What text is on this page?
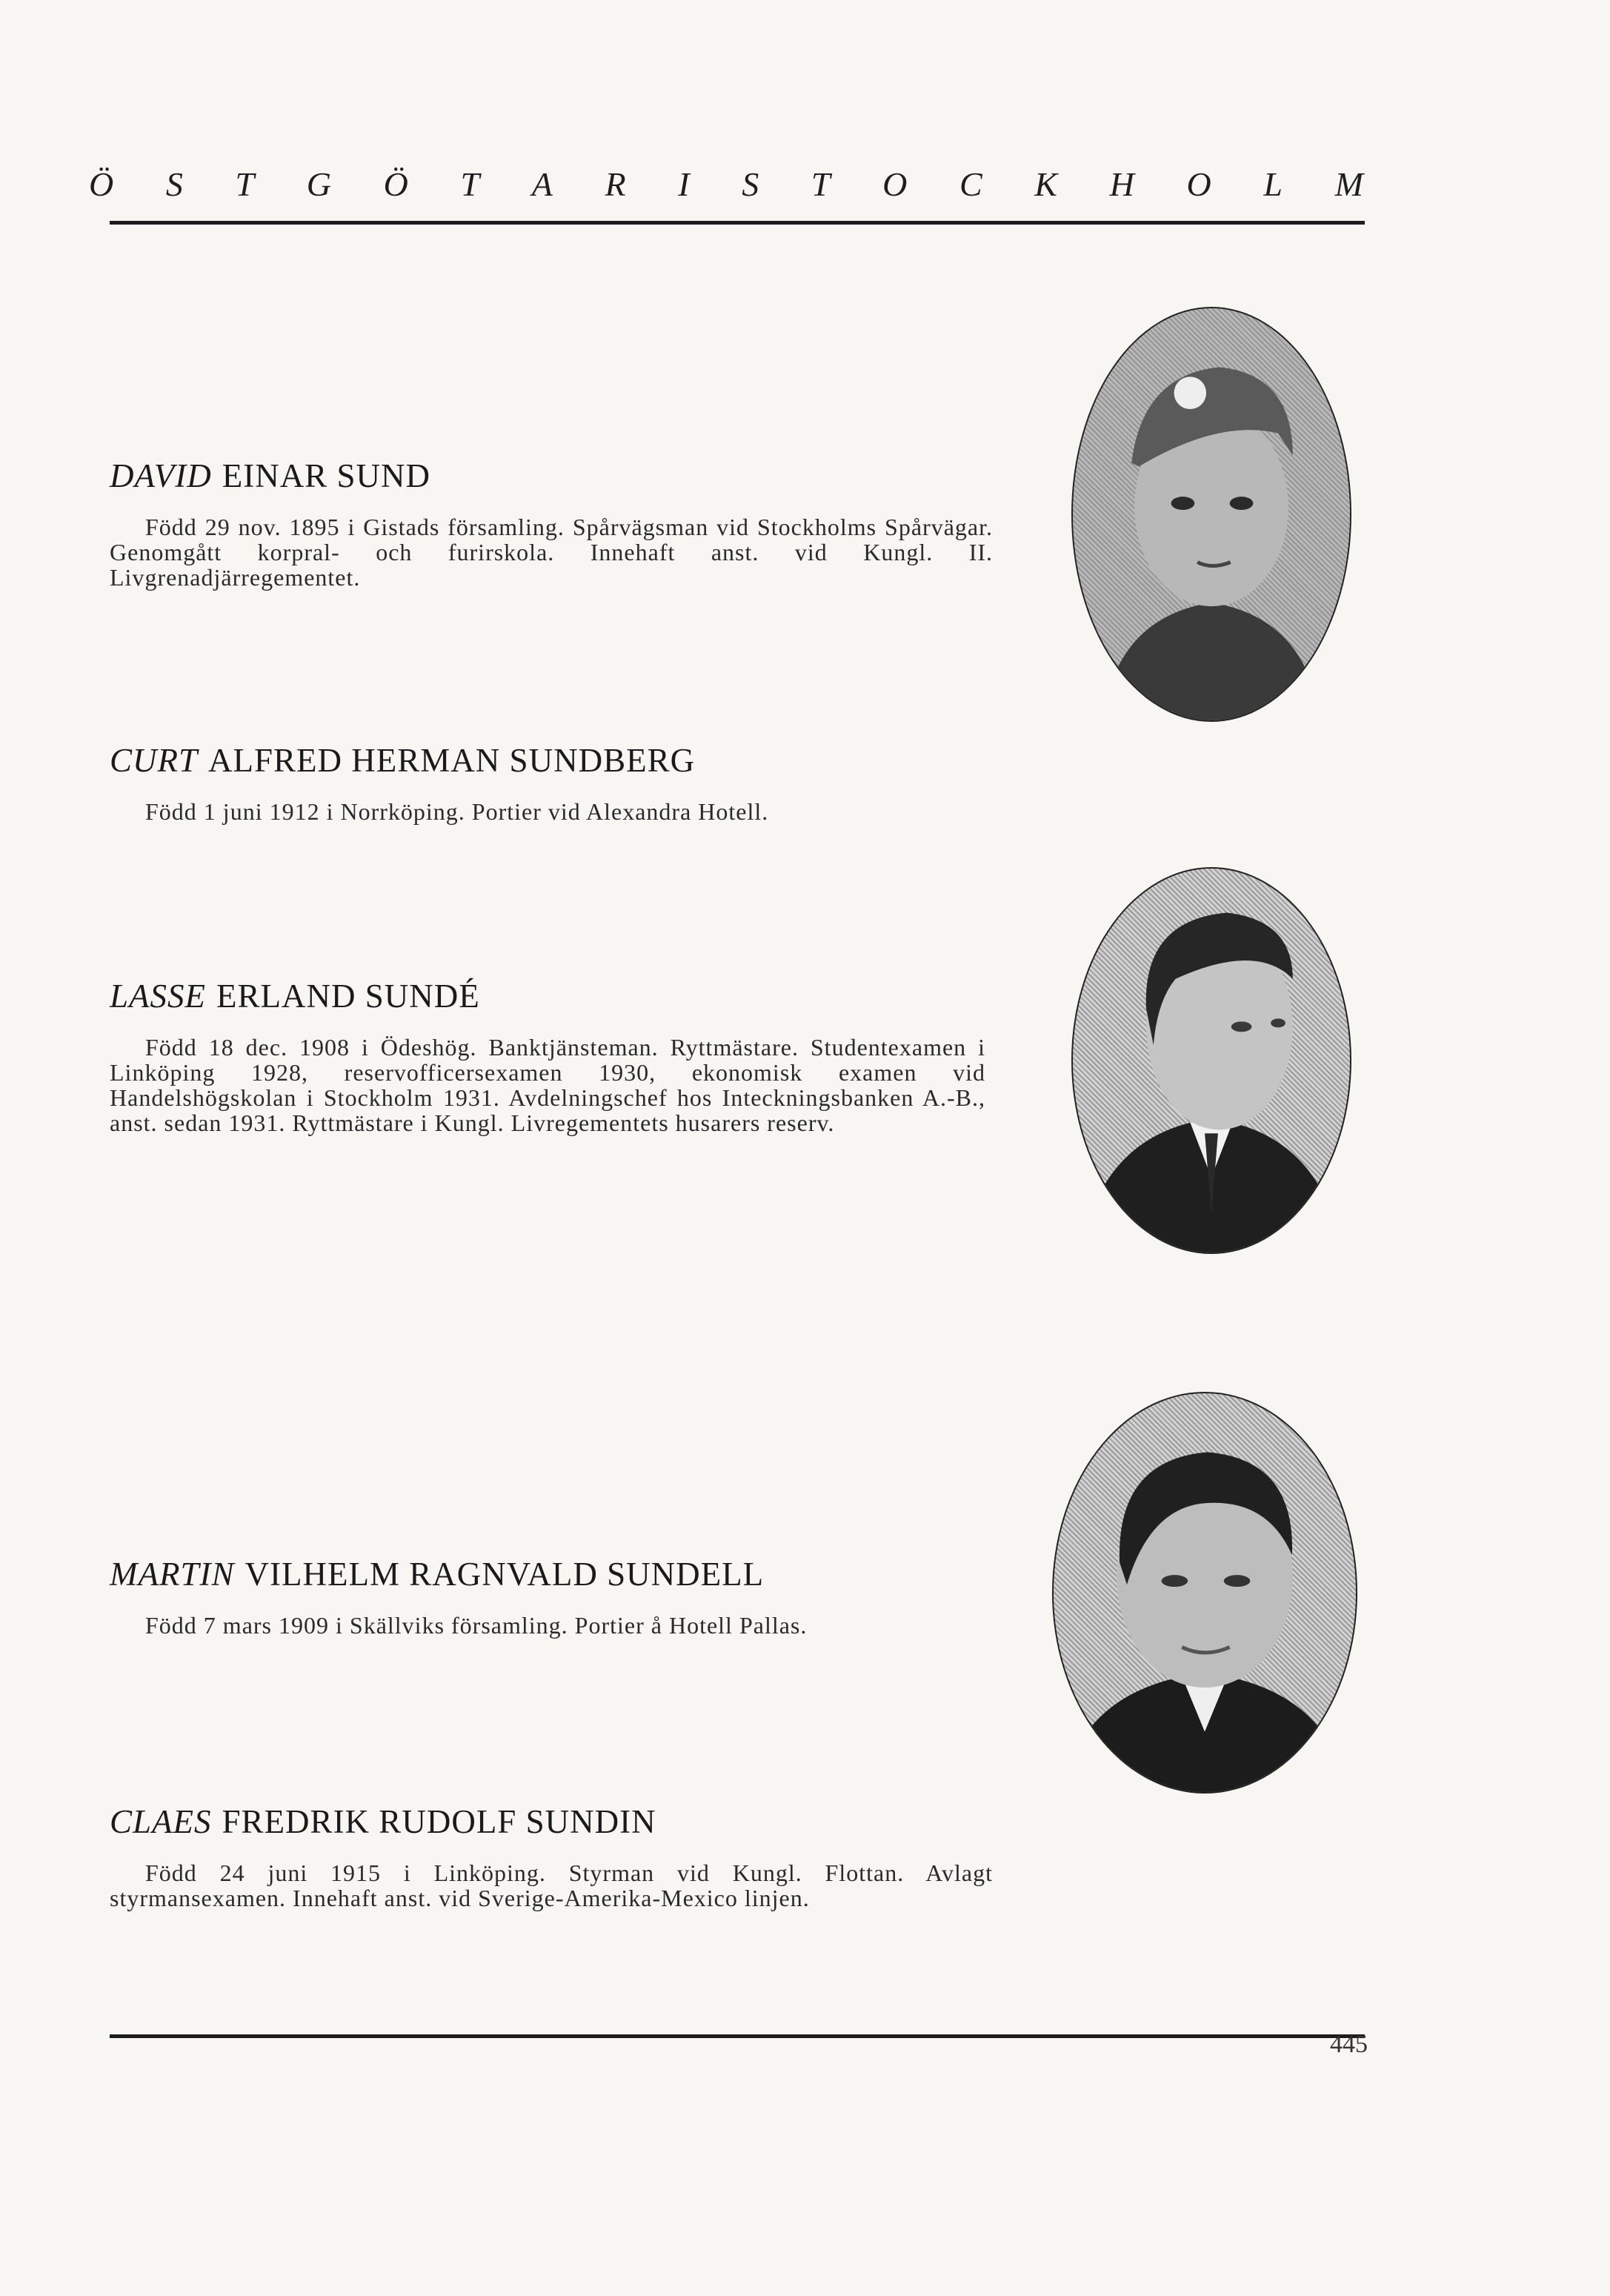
Ö S T G Ö T A R I S T O C K H O L M
DAVID EINAR SUND
Född 29 nov. 1895 i Gistads församling. Spårvägsman vid Stockholms Spårvägar. Genomgått korpral- och furirskola. Innehaft anst. vid Kungl. II. Livgrenadjärregementet.
CURT ALFRED HERMAN SUNDBERG
Född 1 juni 1912 i Norrköping. Portier vid Alexandra Hotell.
LASSE ERLAND SUNDÉ
Född 18 dec. 1908 i Ödeshög. Banktjänsteman. Ryttmästare. Studentexamen i Linköping 1928, reservofficersexamen 1930, ekonomisk examen vid Handelshögskolan i Stockholm 1931. Avdelningschef hos Inteckningsbanken A.-B., anst. sedan 1931. Ryttmästare i Kungl. Livregementets husarers reserv.
MARTIN VILHELM RAGNVALD SUNDELL
Född 7 mars 1909 i Skällviks församling. Portier å Hotell Pallas.
CLAES FREDRIK RUDOLF SUNDIN
Född 24 juni 1915 i Linköping. Styrman vid Kungl. Flottan. Avlagt styrmansexamen. Innehaft anst. vid Sverige-Amerika-Mexico linjen.
445
